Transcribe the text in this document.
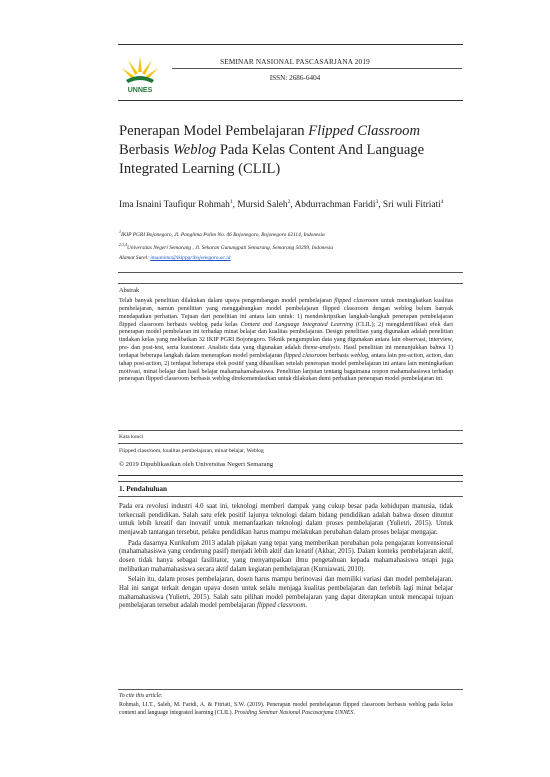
UNNES
SEMINAR NASIONAL PASCASARJANA 2019
ISSN: 2686-6404
Penerapan Model Pembelajaran Flipped Classroom Berbasis Weblog Pada Kelas Content And Language Integrated Learning (CLIL)
Ima Isnaini Taufiqur Rohmah$^1$, Mursid Saleh$^2$, Abdurrachman Faridi$^3$, Sri wuli Fitriati$^4$
$^1$IKIP PGRI Bojonegoro, Jl. Panglima Polim No. 46 Bojonegoro, Bojonegoro 62114, Indonesia
$^{2,3,4}$Universitas Negeri Semarang , Jl. Sekaran Gunungpati Semarang, Semarang 50299, Indonesia
Alamat Surel: imaanima@ikippgribojonegoro.ac.id
Abstrak
Telah banyak penelitian dilakukan dalam upaya pengembangan model pembelajaran flipped classroom untuk meningkatkan kualitas pembelajaran, namun penelitian yang menggabungkan model pembelajaran flipped classroom dengan weblog belum banyak mendapatkan perhatian. Tujuan dari penelitian ini antara lain untuk: 1) mendeskripsikan langkah-langkah penerapan pembelajaran flipped classroom berbasis weblog pada kelas Content and Language Integrated Learning (CLIL); 2) mengidentifikasi efek dari penerapan model pembelaran ini terhadap minat belajar dan kualitas pembelajaran. Design penelitian yang digunakan adalah penelitian tindakan kelas yang melibatkan 32 IKIP PGRI Bojonegoro. Teknik pengumpulan data yang digunakan antara lain observasi, interview, pre- dan post-test, serta kuesioner. Analisis data yang digunakan adalah theme-analysis. Hasil penelitian ini menunjukkan bahwa 1) terdapat beberapa langkah dalam menerapkan model pembelajaran flipped classroom berbasis weblog, antara lain pre-action, action, dan tahap post-action, 2) terdapat beberapa efek positif yang dihasilkan setelah penerapan model pembelajaran ini antara lain meningkatkan motivasi, minat belajar dan hasil belajar mahamahamahasiswa. Penelitian lanjutan tentang bagaimana respon mahamahasiswa terhadap penerapan flipped classroom berbasis weblog direkomendasikan untuk dilakukan demi perbaikan penerapan model pembelajaran ini.
Kata kunci
Flipped classroom, kualitas pembelajaran, minat belajar, Weblog
© 2019 Dipublikasikan oleh Universitas Negeri Semarang
1. Pendahuluan

Pada era revolusi industri 4.0 saat ini, teknologi memberi dampak yang cukup besar pada kehidupan manusia, tidak terkecuali pendidikan. Salah satu efek positif lajunya teknologi dalam bidang pendidikan adalah bahwa dosen dituntut untuk lebih kreatif dan inovatif untuk memanfaatkan teknologi dalam proses pembelajaran (Yulietri, 2015). Untuk menjawab tantangan tersebut, pelaku pendidikan harus mampu melakukan perubahan dalam proses belajar mengajar.

Pada dasarnya Kurikulum 2013 adalah pijakan yang tepat yang memberikan perubahan pola pengajaran konvensional (mahamahasiswa yang cenderung pasif) menjadi lebih aktif dan kreatif (Akbar, 2015). Dalam konteks pembelajaran aktif, dosen tidak hanya sebagai fasilitator, yang menyampaikan ilmu pengetahuan kepada mahamahasiswa tetapi juga melibatkan mahamahasiswa secara aktif dalam kegiatan pembelajaran (Kurniawati, 2010).

Selain itu, dalam proses pembelajaran, dosen harus mampu berinovasi dan memiliki variasi dan model pembelajaran. Hal ini sangat terkait dengan upaya dosen untuk selalu menjaga kualitas pembelajaran dan terlebih lagi minat belajar mahamahasiswa (Yulietri, 2015). Salah satu pilihan model pembelajaran yang dapat diterapkan untuk mencapai tujuan pembelajaran tersebut adalah model pembelajaran flipped classroom.

To cite this article:
Rohmah, I.I.T., Saleh, M. Faridi, A. & Fitriati, S.W. (2019). Penerapan model pembelajaran flipped classroom berbasis weblog pada kelas content and language integrated learning (CLIL). Prosiding Seminar Nasional Pascasarjana UNNES.
